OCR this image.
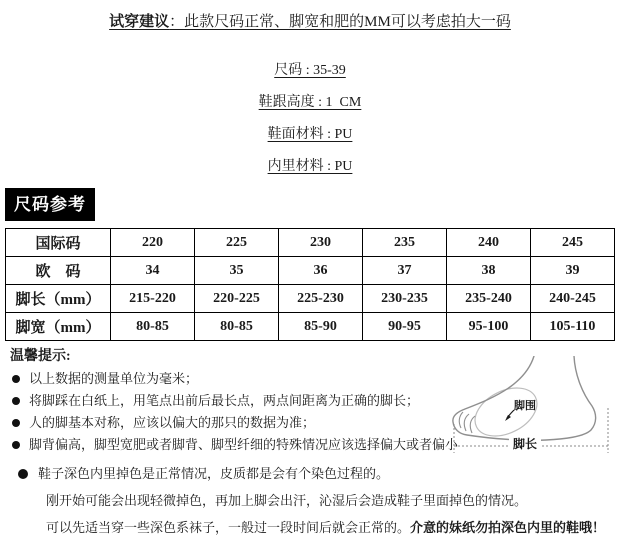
试穿建议：此款尺码正常、脚宽和肥的MM可以考虑拍大一码

尺码 : 35-39
鞋跟高度 : 1  CM
鞋面材料 : PU
内里材料 : PU
尺码参考
国际码	220	225	230	235	240	245
欧　码	34	35	36	37	38	39
脚长（mm）	215-220	220-225	225-230	230-235	235-240	240-245
脚宽（mm）	80-85	80-85	85-90	90-95	95-100	105-110

温馨提示:

以上数据的测量单位为毫米；
将脚踩在白纸上，用笔点出前后最长点，两点间距离为正确的脚长；
人的脚基本对称，应该以偏大的那只的数据为准；
脚背偏高，脚型宽肥或者脚背、脚型纤细的特殊情况应该选择偏大或者偏小
鞋子深色内里掉色是正常情况，皮质都是会有个染色过程的。

刚开始可能会出现轻微掉色，再加上脚会出汗，沁湿后会造成鞋子里面掉色的情况。

可以先适当穿一些深色系袜子，一般过一段时间后就会正常的。介意的妹纸勿拍深色内里的鞋哦！

脚围
脚长
